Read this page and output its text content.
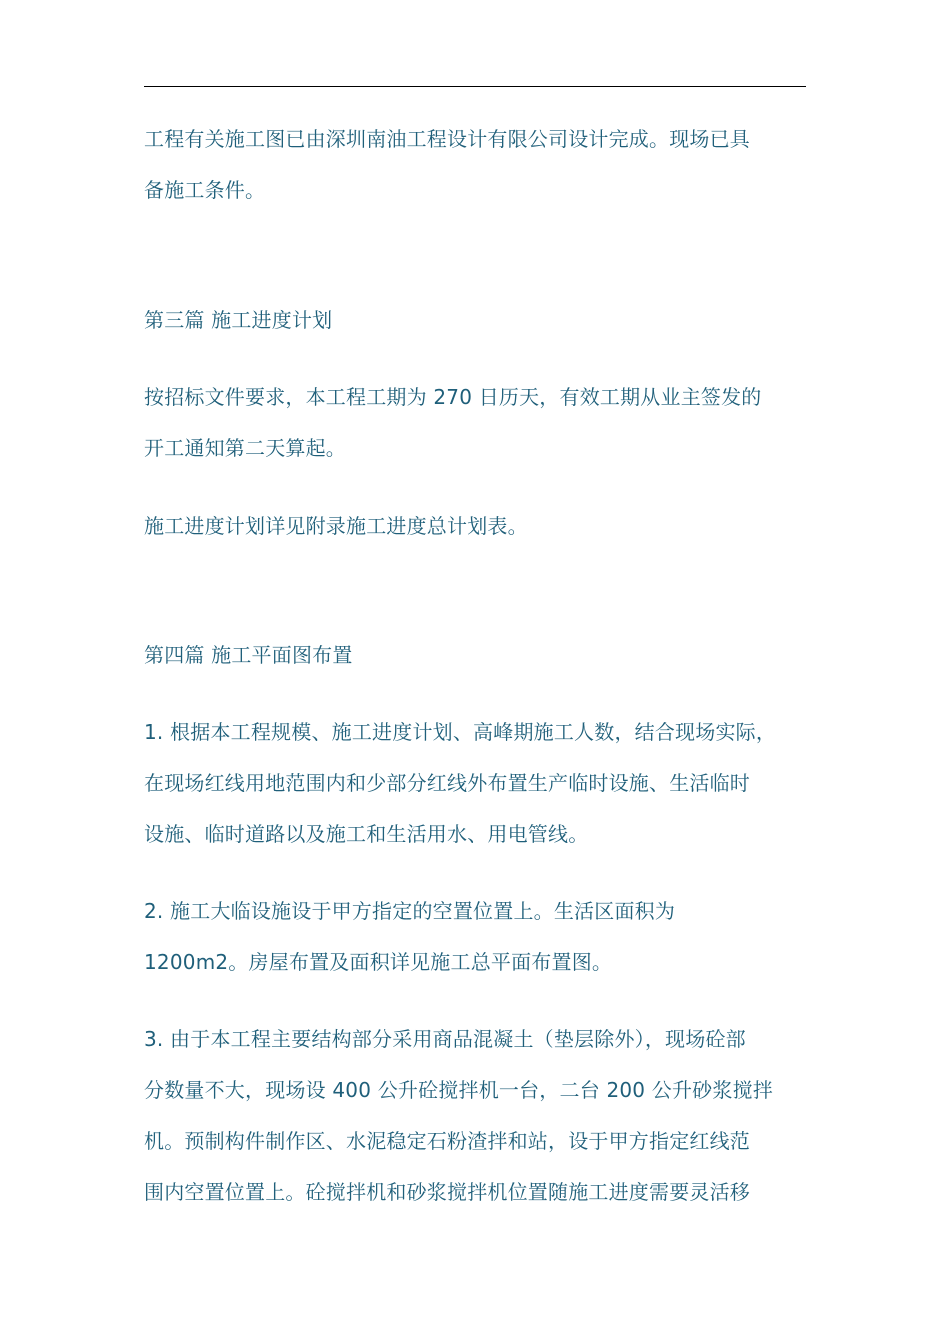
工程有关施工图已由深圳南油工程设计有限公司设计完成。现场已具
备施工条件。
第三篇 施工进度计划
按招标文件要求，本工程工期为 270 日历天，有效工期从业主签发的
开工通知第二天算起。
施工进度计划详见附录施工进度总计划表。
第四篇 施工平面图布置
1. 根据本工程规模、施工进度计划、高峰期施工人数，结合现场实际，
在现场红线用地范围内和少部分红线外布置生产临时设施、生活临时
设施、临时道路以及施工和生活用水、用电管线。
2. 施工大临设施设于甲方指定的空置位置上。生活区面积为
1200m2。房屋布置及面积详见施工总平面布置图。
3. 由于本工程主要结构部分采用商品混凝土（垫层除外），现场砼部
分数量不大，现场设 400 公升砼搅拌机一台，二台 200 公升砂浆搅拌
机。预制构件制作区、水泥稳定石粉渣拌和站，设于甲方指定红线范
围内空置位置上。砼搅拌机和砂浆搅拌机位置随施工进度需要灵活移
